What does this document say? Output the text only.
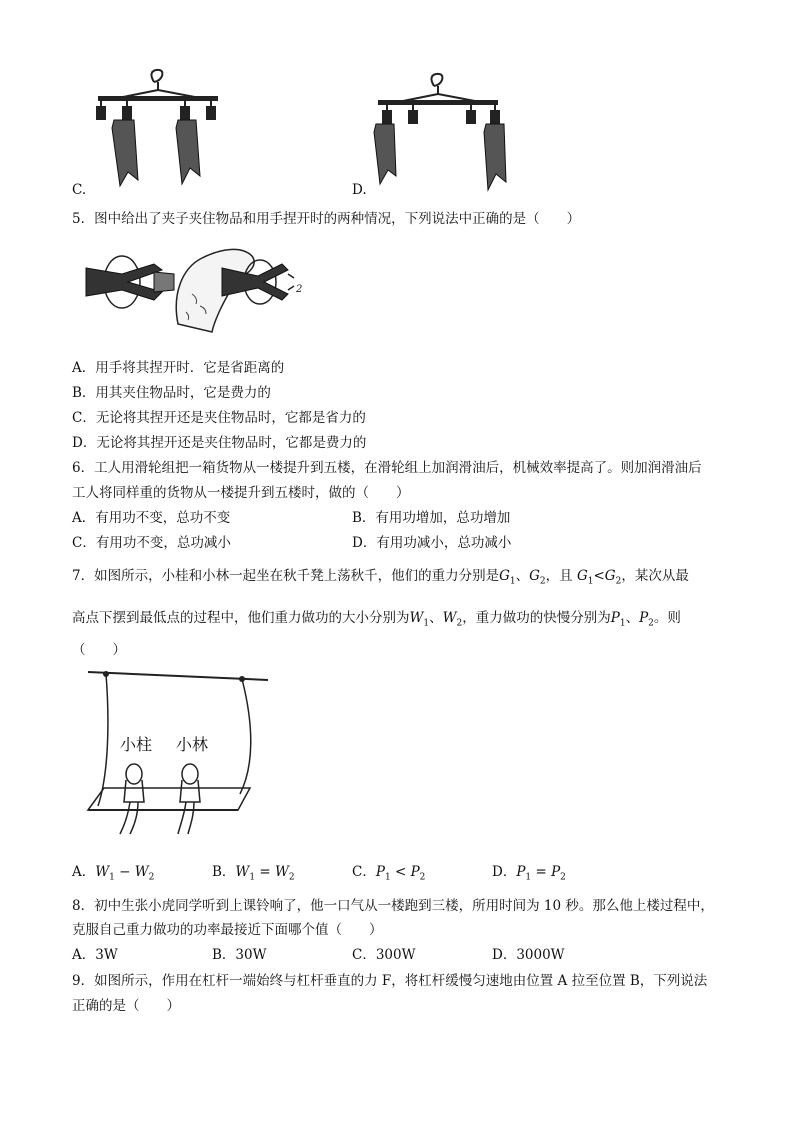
C.	D.
5．图中给出了夹子夹住物品和用手捏开时的两种情况，下列说法中正确的是（　　）
2
A．用手将其捏开时．它是省距离的
B．用其夹住物品时，它是费力的
C．无论将其捏开还是夹住物品时，它都是省力的
D．无论将其捏开还是夹住物品时，它都是费力的
6．工人用滑轮组把一箱货物从一楼提升到五楼，在滑轮组上加润滑油后，机械效率提高了。则加润滑油后
工人将同样重的货物从一楼提升到五楼时，做的（　　）
A．有用功不变，总功不变	B．有用功增加，总功增加
C．有用功不变，总功减小	D．有用功减小，总功减小
7．如图所示，小桂和小林一起坐在秋千凳上荡秋千，他们的重力分别是$G_1$、$G_2$，且 $G_1<G_2$，某次从最
高点下摆到最低点的过程中，他们重力做功的大小分别为$W_1$、$W_2$，重力做功的快慢分别为$P_1$、$P_2$。则
（　　）
小柱 小林
A．$W_1 - W_2$	B．$W_1 = W_2$	C．$P_1 < P_2$	D．$P_1 = P_2$
8．初中生张小虎同学听到上课铃响了，他一口气从一楼跑到三楼，所用时间为 10 秒。那么他上楼过程中，
克服自己重力做功的功率最接近下面哪个值（　　）
A．3W	B．30W	C．300W	D．3000W
9．如图所示，作用在杠杆一端始终与杠杆垂直的力 F，将杠杆缓慢匀速地由位置 A 拉至位置 B，下列说法
正确的是（　　）
